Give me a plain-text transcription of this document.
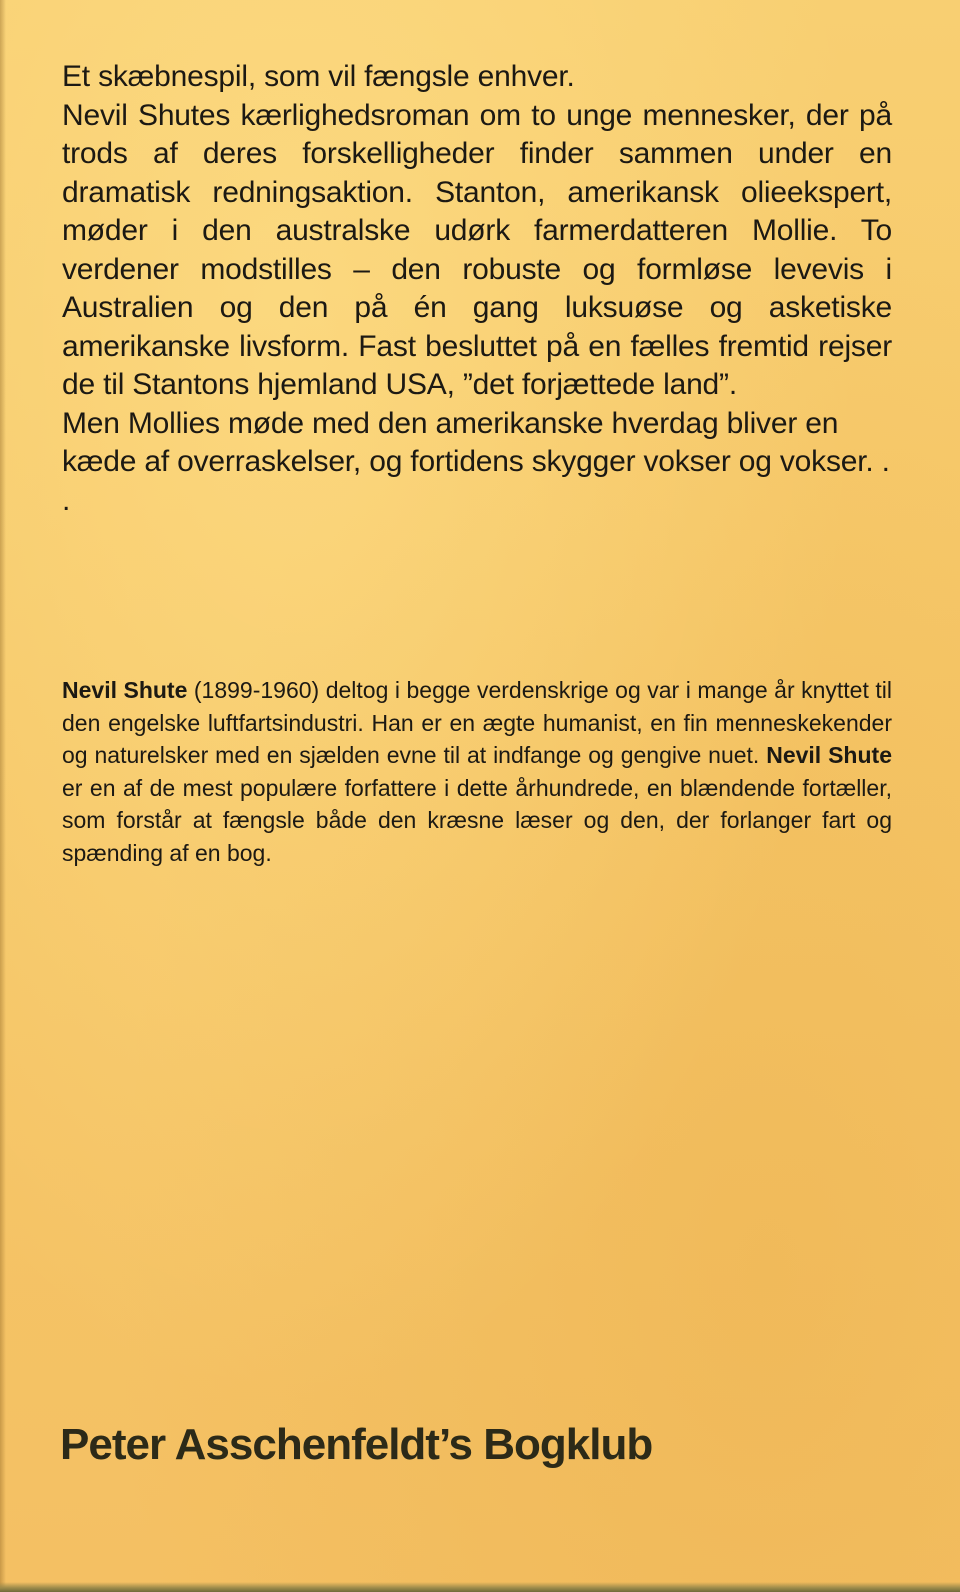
Et skæbnespil, som vil fængsle enhver.

Nevil Shutes kærlighedsroman om to unge mennesker, der på trods af deres forskelligheder finder sammen under en dramatisk redningsaktion. Stanton, amerikansk olieekspert, møder i den australske udørk farmerdatteren Mollie. To verdener modstilles – den robuste og formløse levevis i Australien og den på én gang luksuøse og asketiske amerikanske livsform. Fast besluttet på en fælles fremtid rejser de til Stantons hjemland USA, ”det forjættede land”.

Men Mollies møde med den amerikanske hverdag bliver en kæde af overraskelser, og fortidens skygger vokser og vokser. . .

Nevil Shute (1899-1960) deltog i begge verdenskrige og var i mange år knyttet til den engelske luftfartsindustri. Han er en ægte humanist, en fin menneskekender og naturelsker med en sjælden evne til at indfange og gengive nuet. Nevil Shute er en af de mest populære forfattere i dette århundrede, en blændende fortæller, som forstår at fængsle både den kræsne læser og den, der forlanger fart og spænding af en bog.

Peter Asschenfeldt’s Bogklub
